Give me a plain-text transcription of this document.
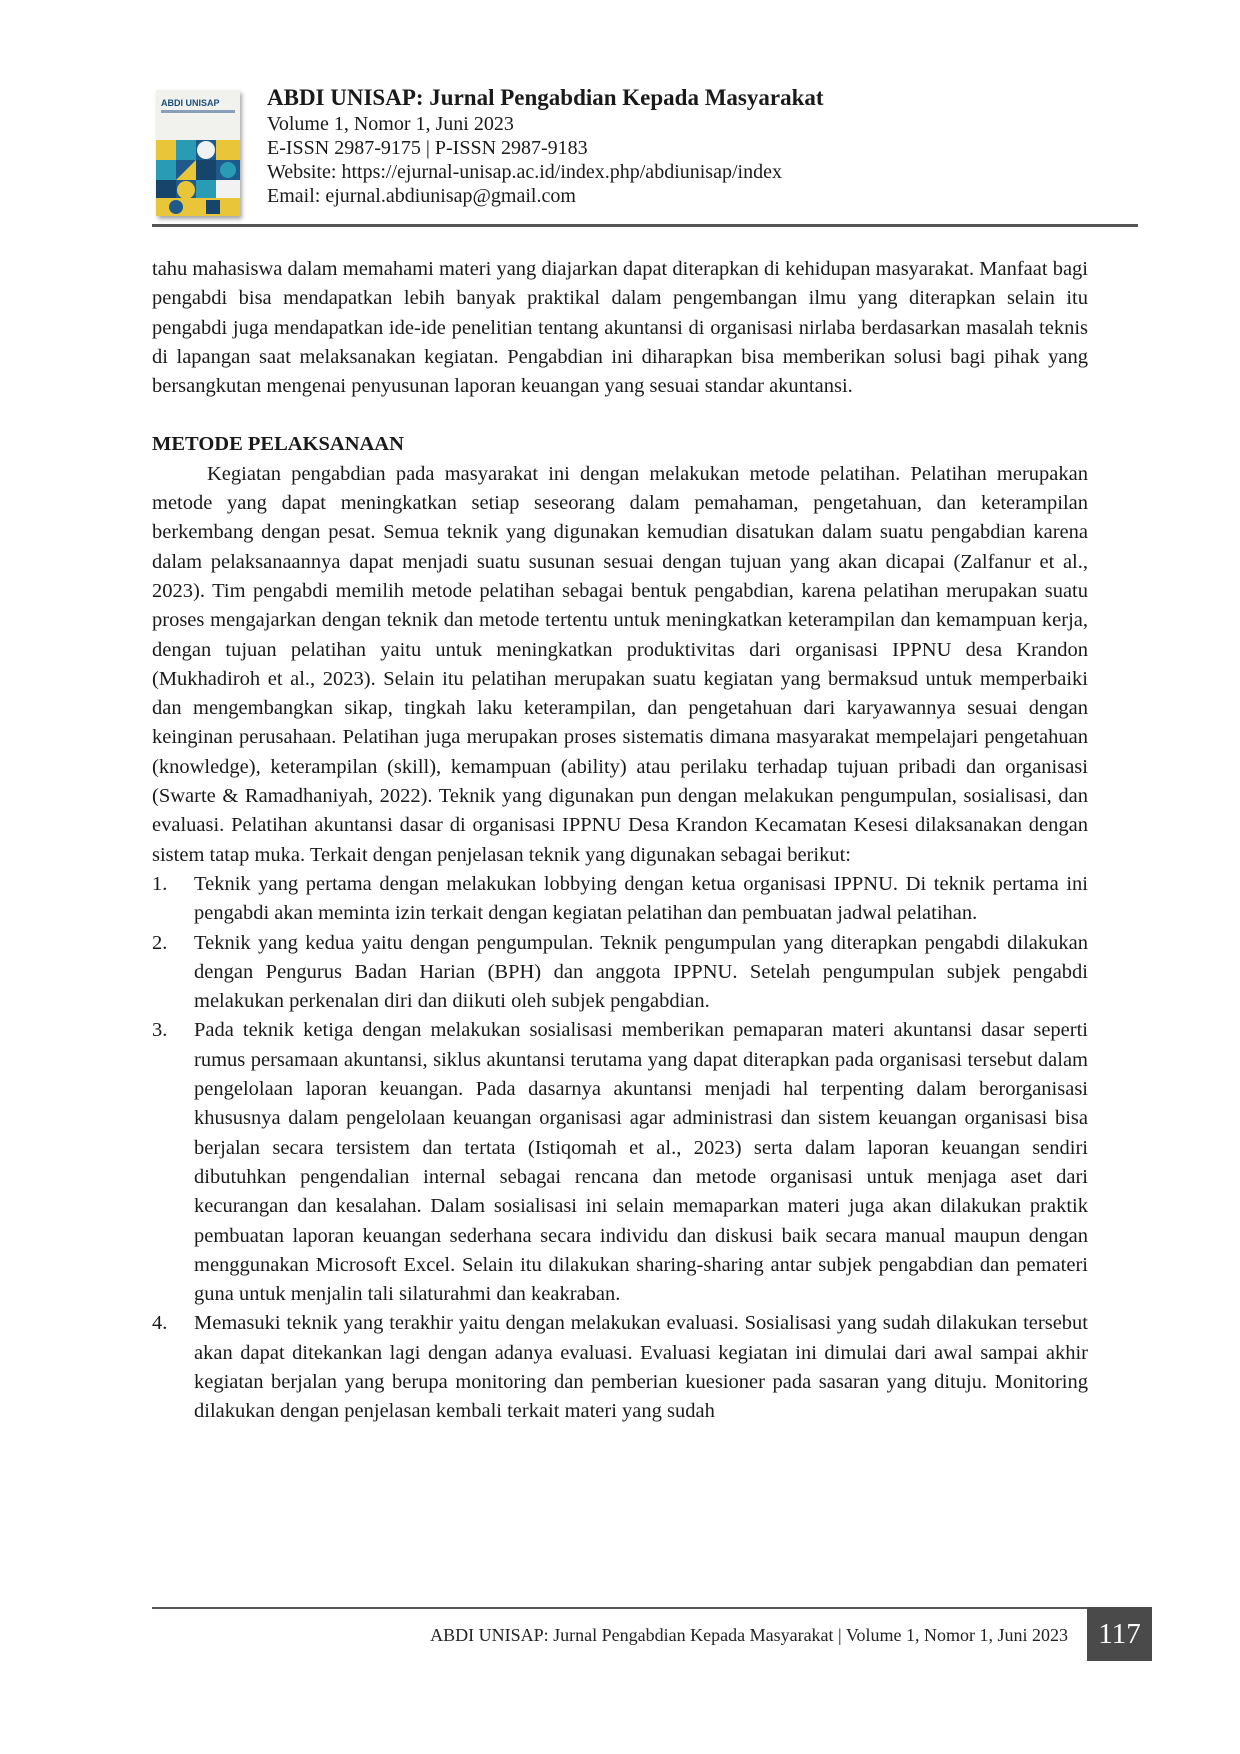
ABDI UNISAP ABDI UNISAP: Jurnal Pengabdian Kepada Masyarakat
Volume 1, Nomor 1, Juni 2023
E-ISSN 2987-9175 | P-ISSN 2987-9183
Website: https://ejurnal-unisap.ac.id/index.php/abdiunisap/index
Email: ejurnal.abdiunisap@gmail.com

tahu mahasiswa dalam memahami materi yang diajarkan dapat diterapkan di kehidupan masyarakat. Manfaat bagi pengabdi bisa mendapatkan lebih banyak praktikal dalam pengembangan ilmu yang diterapkan selain itu pengabdi juga mendapatkan ide-ide penelitian tentang akuntansi di organisasi nirlaba berdasarkan masalah teknis di lapangan saat melaksanakan kegiatan. Pengabdian ini diharapkan bisa memberikan solusi bagi pihak yang bersangkutan mengenai penyusunan laporan keuangan yang sesuai standar akuntansi.

METODE PELAKSANAAN

Kegiatan pengabdian pada masyarakat ini dengan melakukan metode pelatihan. Pelatihan merupakan metode yang dapat meningkatkan setiap seseorang dalam pemahaman, pengetahuan, dan keterampilan berkembang dengan pesat. Semua teknik yang digunakan kemudian disatukan dalam suatu pengabdian karena dalam pelaksanaannya dapat menjadi suatu susunan sesuai dengan tujuan yang akan dicapai (Zalfanur et al., 2023). Tim pengabdi memilih metode pelatihan sebagai bentuk pengabdian, karena pelatihan merupakan suatu proses mengajarkan dengan teknik dan metode tertentu untuk meningkatkan keterampilan dan kemampuan kerja, dengan tujuan pelatihan yaitu untuk meningkatkan produktivitas dari organisasi IPPNU desa Krandon (Mukhadiroh et al., 2023). Selain itu pelatihan merupakan suatu kegiatan yang bermaksud untuk memperbaiki dan mengembangkan sikap, tingkah laku keterampilan, dan pengetahuan dari karyawannya sesuai dengan keinginan perusahaan. Pelatihan juga merupakan proses sistematis dimana masyarakat mempelajari pengetahuan (knowledge), keterampilan (skill), kemampuan (ability) atau perilaku terhadap tujuan pribadi dan organisasi (Swarte & Ramadhaniyah, 2022). Teknik yang digunakan pun dengan melakukan pengumpulan, sosialisasi, dan evaluasi. Pelatihan akuntansi dasar di organisasi IPPNU Desa Krandon Kecamatan Kesesi dilaksanakan dengan sistem tatap muka. Terkait dengan penjelasan teknik yang digunakan sebagai berikut:

1. Teknik yang pertama dengan melakukan lobbying dengan ketua organisasi IPPNU. Di teknik pertama ini pengabdi akan meminta izin terkait dengan kegiatan pelatihan dan pembuatan jadwal pelatihan.
2. Teknik yang kedua yaitu dengan pengumpulan. Teknik pengumpulan yang diterapkan pengabdi dilakukan dengan Pengurus Badan Harian (BPH) dan anggota IPPNU. Setelah pengumpulan subjek pengabdi melakukan perkenalan diri dan diikuti oleh subjek pengabdian.
3. Pada teknik ketiga dengan melakukan sosialisasi memberikan pemaparan materi akuntansi dasar seperti rumus persamaan akuntansi, siklus akuntansi terutama yang dapat diterapkan pada organisasi tersebut dalam pengelolaan laporan keuangan. Pada dasarnya akuntansi menjadi hal terpenting dalam berorganisasi khususnya dalam pengelolaan keuangan organisasi agar administrasi dan sistem keuangan organisasi bisa berjalan secara tersistem dan tertata (Istiqomah et al., 2023) serta dalam laporan keuangan sendiri dibutuhkan pengendalian internal sebagai rencana dan metode organisasi untuk menjaga aset dari kecurangan dan kesalahan. Dalam sosialisasi ini selain memaparkan materi juga akan dilakukan praktik pembuatan laporan keuangan sederhana secara individu dan diskusi baik secara manual maupun dengan menggunakan Microsoft Excel. Selain itu dilakukan sharing-sharing antar subjek pengabdian dan pemateri guna untuk menjalin tali silaturahmi dan keakraban.
4. Memasuki teknik yang terakhir yaitu dengan melakukan evaluasi. Sosialisasi yang sudah dilakukan tersebut akan dapat ditekankan lagi dengan adanya evaluasi. Evaluasi kegiatan ini dimulai dari awal sampai akhir kegiatan berjalan yang berupa monitoring dan pemberian kuesioner pada sasaran yang dituju. Monitoring dilakukan dengan penjelasan kembali terkait materi yang sudah
ABDI UNISAP: Jurnal Pengabdian Kepada Masyarakat | Volume 1, Nomor 1, Juni 2023	117
